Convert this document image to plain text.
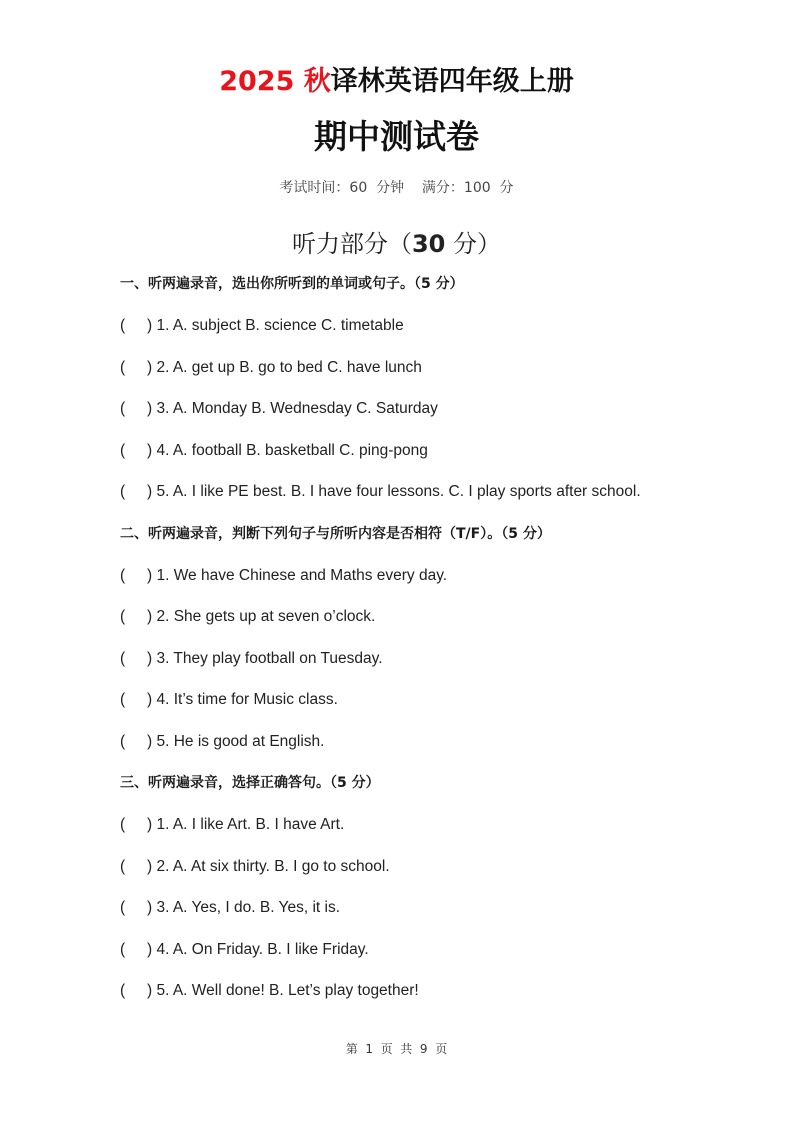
2025 秋译林英语四年级上册
期中测试卷
考试时间：60  分钟    满分：100  分
听力部分（30 分）
一、听两遍录音，选出你所听到的单词或句子。（5 分）
( ) 1. A. subject B. science C. timetable
( ) 2. A. get up B. go to bed C. have lunch
( ) 3. A. Monday B. Wednesday C. Saturday
( ) 4. A. football B. basketball C. ping-pong
( ) 5. A. I like PE best. B. I have four lessons. C. I play sports after school.
二、听两遍录音，判断下列句子与所听内容是否相符（T/F）。（5 分）
( ) 1. We have Chinese and Maths every day.
( ) 2. She gets up at seven o’clock.
( ) 3. They play football on Tuesday.
( ) 4. It’s time for Music class.
( ) 5. He is good at English.
三、听两遍录音，选择正确答句。（5 分）
( ) 1. A. I like Art. B. I have Art.
( ) 2. A. At six thirty. B. I go to school.
( ) 3. A. Yes, I do. B. Yes, it is.
( ) 4. A. On Friday. B. I like Friday.
( ) 5. A. Well done! B. Let’s play together!
第  1  页  共  9  页
